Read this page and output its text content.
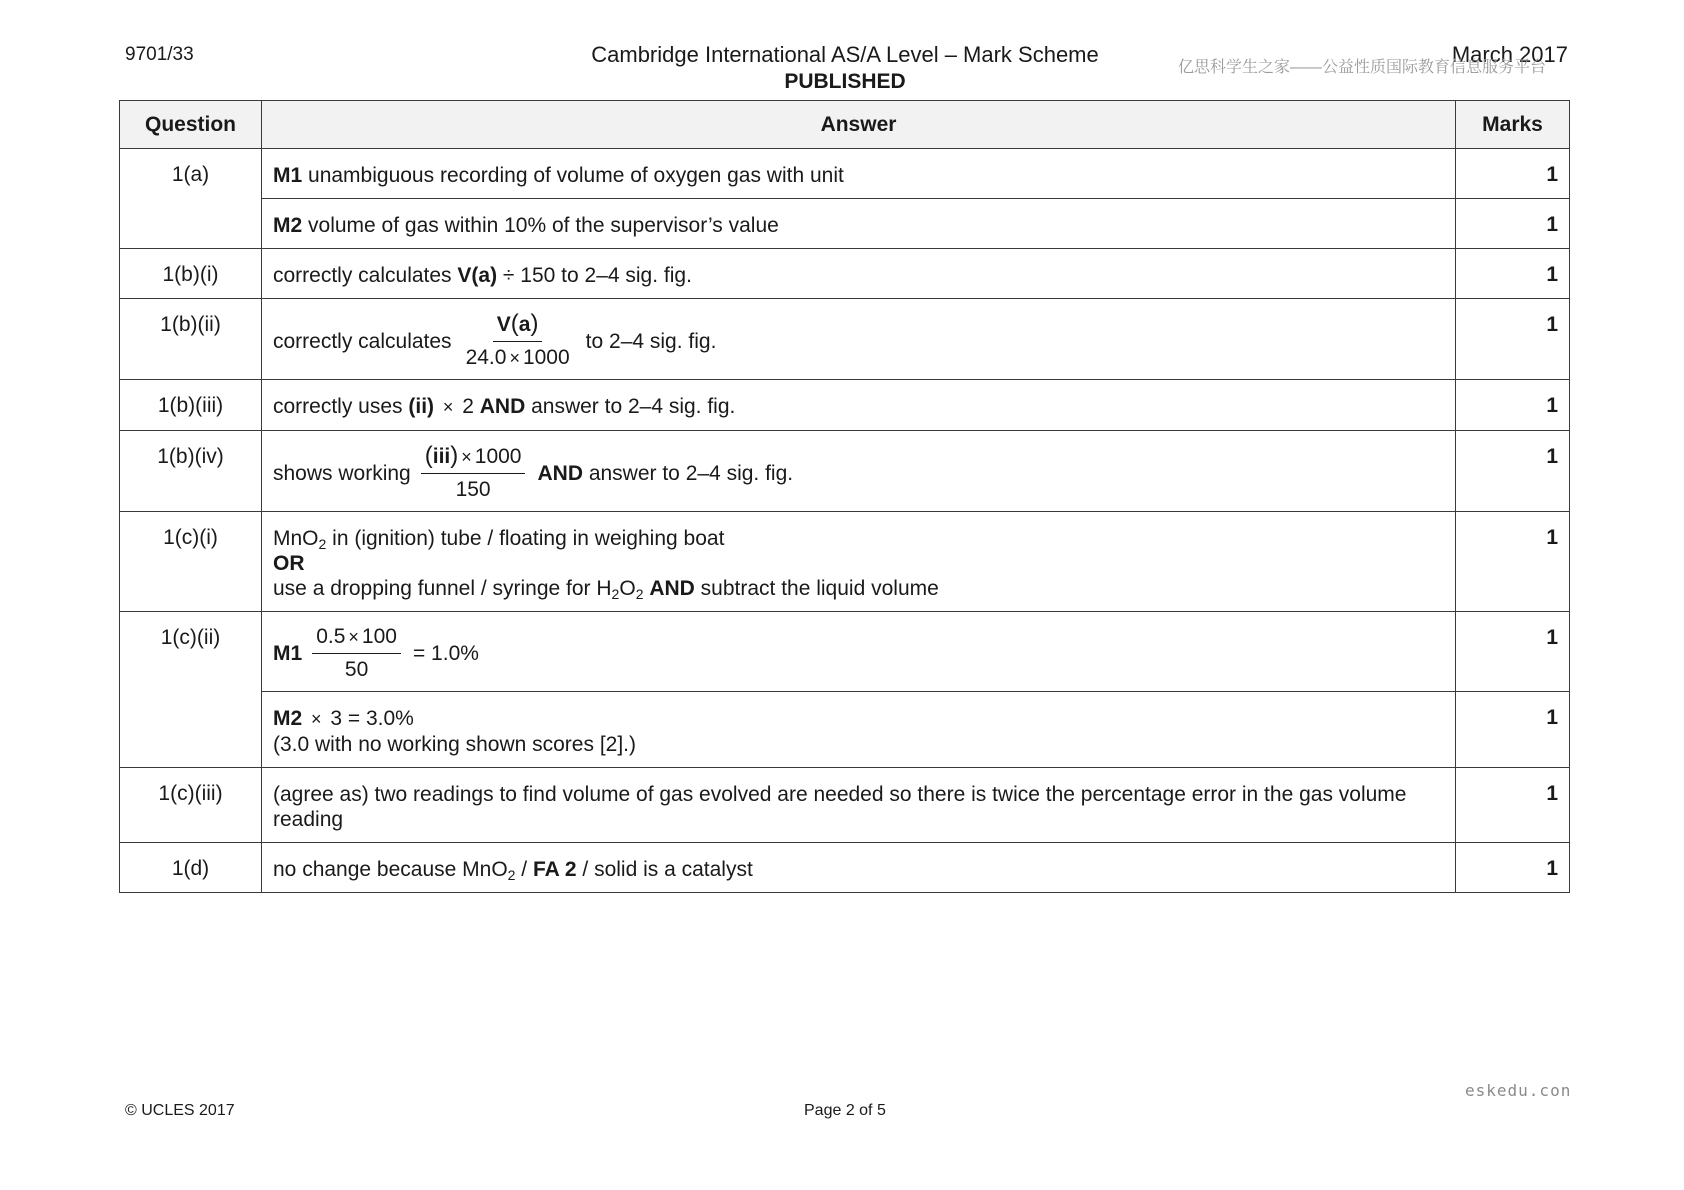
9701/33	Cambridge International AS/A Level – Mark Scheme
PUBLISHED
March 2017
亿思科学生之家——公益性质国际教育信息服务平台
Question	Answer	Marks
1(a)	M1 unambiguous recording of volume of oxygen gas with unit	1
	M2 volume of gas within 10% of the supervisor’s value	1
1(b)(i)	correctly calculates V(a) ÷ 150 to 2–4 sig. fig.	1
1(b)(ii)	correctly calculates $\frac{V(a)}{24.0 \times 1000}$ to 2–4 sig. fig.	1
1(b)(iii)	correctly uses (ii) × 2 AND answer to 2–4 sig. fig.	1
1(b)(iv)	shows working $\frac{\text{(iii) × 1000}}{150}$ AND answer to 2–4 sig. fig.	1
1(c)(i)	MnO$_2$ in (ignition) tube / floating in weighing boat
OR
use a dropping funnel / syringe for $H_2O_2$ AND subtract the liquid volume	1
1(c)(ii)	$M1 \frac{0.5 \times 100}{50} = 1.0\%$	1

	M2 × 3 = 3.0%
(3.0 with no working shown scores [2].)	1
1(c)(iii)	(agree as) two readings to find volume of gas evolved are needed so there is twice the percentage error in the gas volume reading	1
1(d)	no change because MnO$_2$ / FA 2 / solid is a catalyst	1
eskedu.con
© UCLES 2017	Page 2 of 5
